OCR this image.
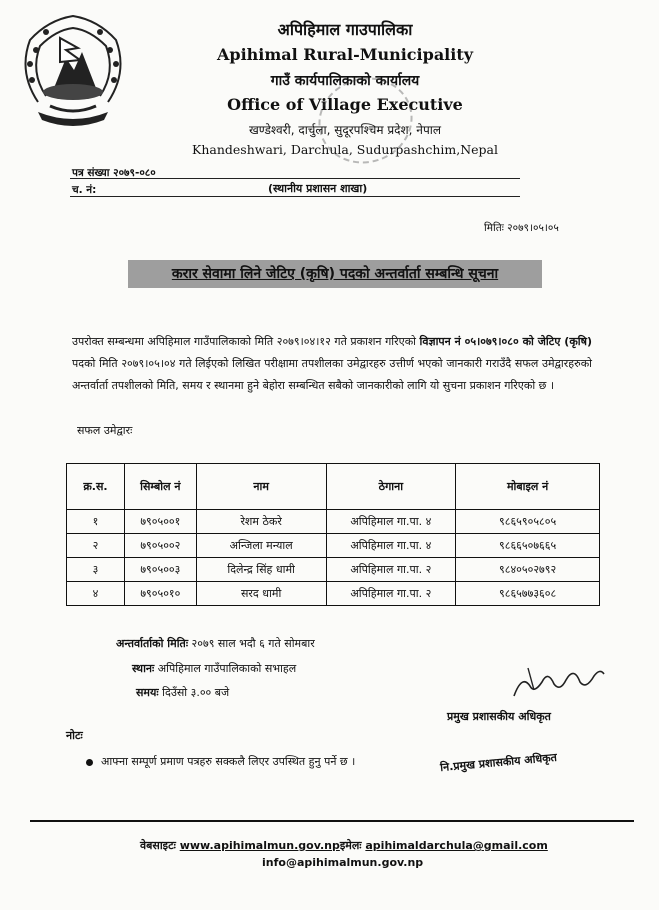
अपिहिमाल गाउपालिका
Apihimal Rural-Municipality
गाउँ कार्यपालिकाको कार्यालय
Office of Village Executive
खण्डेश्वरी, दार्चुला, सुदूरपश्चिम प्रदेश, नेपाल
Khandeshwari, Darchula, Sudurpashchim,Nepal
पत्र संख्या २०७९-०८०
च. नं:	(स्थानीय प्रशासन शाखा)
मितिः २०७९।०५।०५
करार सेवामा लिने जेटिए (कृषि) पदको अन्तर्वार्ता सम्बन्धि सूचना
उपरोक्त सम्बन्धमा अपिहिमाल गाउँपालिकाको मिति २०७९।०४।१२ गते प्रकाशन गरिएको विज्ञापन नं ०५।०७९।०८० को जेटिए (कृषि) पदको मिति २०७९।०५।०४ गते लिईएको लिखित परीक्षामा तपशीलका उमेद्वारहरु उत्तीर्ण भएको जानकारी गराउँदै सफल उमेद्वारहरुको अन्तर्वार्ता तपशीलको मिति, समय र स्थानमा हुने बेहोरा सम्बन्धित सबैको जानकारीको लागि यो सुचना प्रकाशन गरिएको छ ।
सफल उमेद्वारः
क्र.स.	सिम्बोल नं	नाम	ठेगाना	मोबाइल नं
१	७९०५००१	रेशम ठेकरे	अपिहिमाल गा.पा. ४	९८६५९०५८०५
२	७९०५००२	अन्जिला मन्याल	अपिहिमाल गा.पा. ४	९८६६५०७६६५
३	७९०५००३	दिलेन्द्र सिंह धामी	अपिहिमाल गा.पा. २	९८४०५०२७९२
४	७९०५०१०	सरद धामी	अपिहिमाल गा.पा. २	९८६५७७३६०८
अन्तर्वार्ताको मितिः २०७९ साल भदौ ६ गते सोमबार
स्थानः अपिहिमाल गाउँपालिकाको सभाहल
समयः दिउँसो ३.०० बजे
प्रमुख प्रशासकीय अधिकृत
नोटः
आफ्ना सम्पूर्ण प्रमाण पत्रहरु सक्कलै लिएर उपस्थित हुनु पर्ने छ ।	नि.प्रमुख प्रशासकीय अधिकृत
वेबसाइटः www.apihimalmun.gov.npइमेलः apihimaldarchula@gmail.com
info@apihimalmun.gov.np
